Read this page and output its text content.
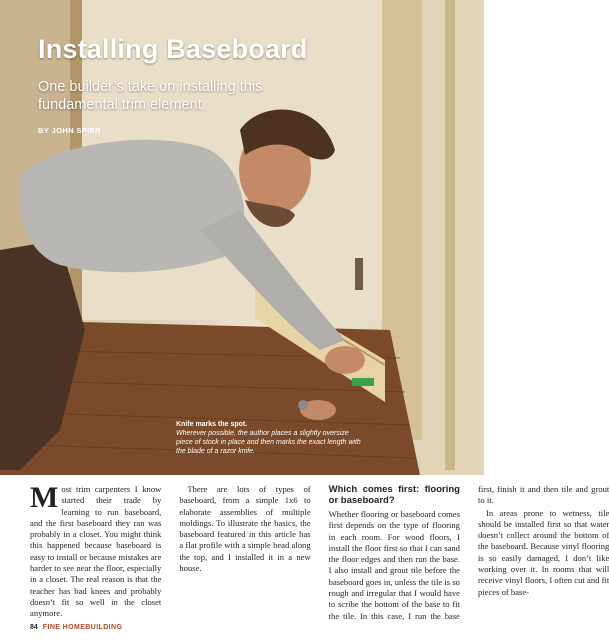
Installing Baseboard
One builder’s take on installing this fundamental trim element
BY JOHN SPIER
Knife marks the spot.
Wherever possible, the author places a slightly oversize piece of stock in place and then marks the exact length with the blade of a razor knife.

Most trim carpenters I know started their trade by learning to run baseboard, and the first baseboard they ran was probably in a closet. You might think this happened because baseboard is easy to install or because mistakes are harder to see near the floor, especially in a closet. The real reason is that the teacher has bad knees and probably doesn’t fit so well in the closet anymore.

There are lots of types of baseboard, from a simple 1x6 to elaborate assemblies of multiple moldings. To illustrate the basics, the baseboard featured in this article has a flat profile with a simple bead along the top, and I installed it in a new house.

Which comes first: flooring or baseboard?

Whether flooring or baseboard comes first depends on the type of flooring in each room. For wood floors, I install the floor first so that I can sand the floor edges and then run the base. I also install and grout tile before the baseboard goes in, unless the tile is so rough and irregular that I would have to scribe the bottom of the base to fit the tile. In this case, I run the base first, finish it and then tile and grout to it.

In areas prone to wetness, tile should be installed first so that water doesn’t collect around the bottom of the baseboard. Because vinyl flooring is so easily damaged, I don’t like working over it. In rooms that will receive vinyl floors, I often cut and fit pieces of base-

84 FINE HOMEBUILDING
